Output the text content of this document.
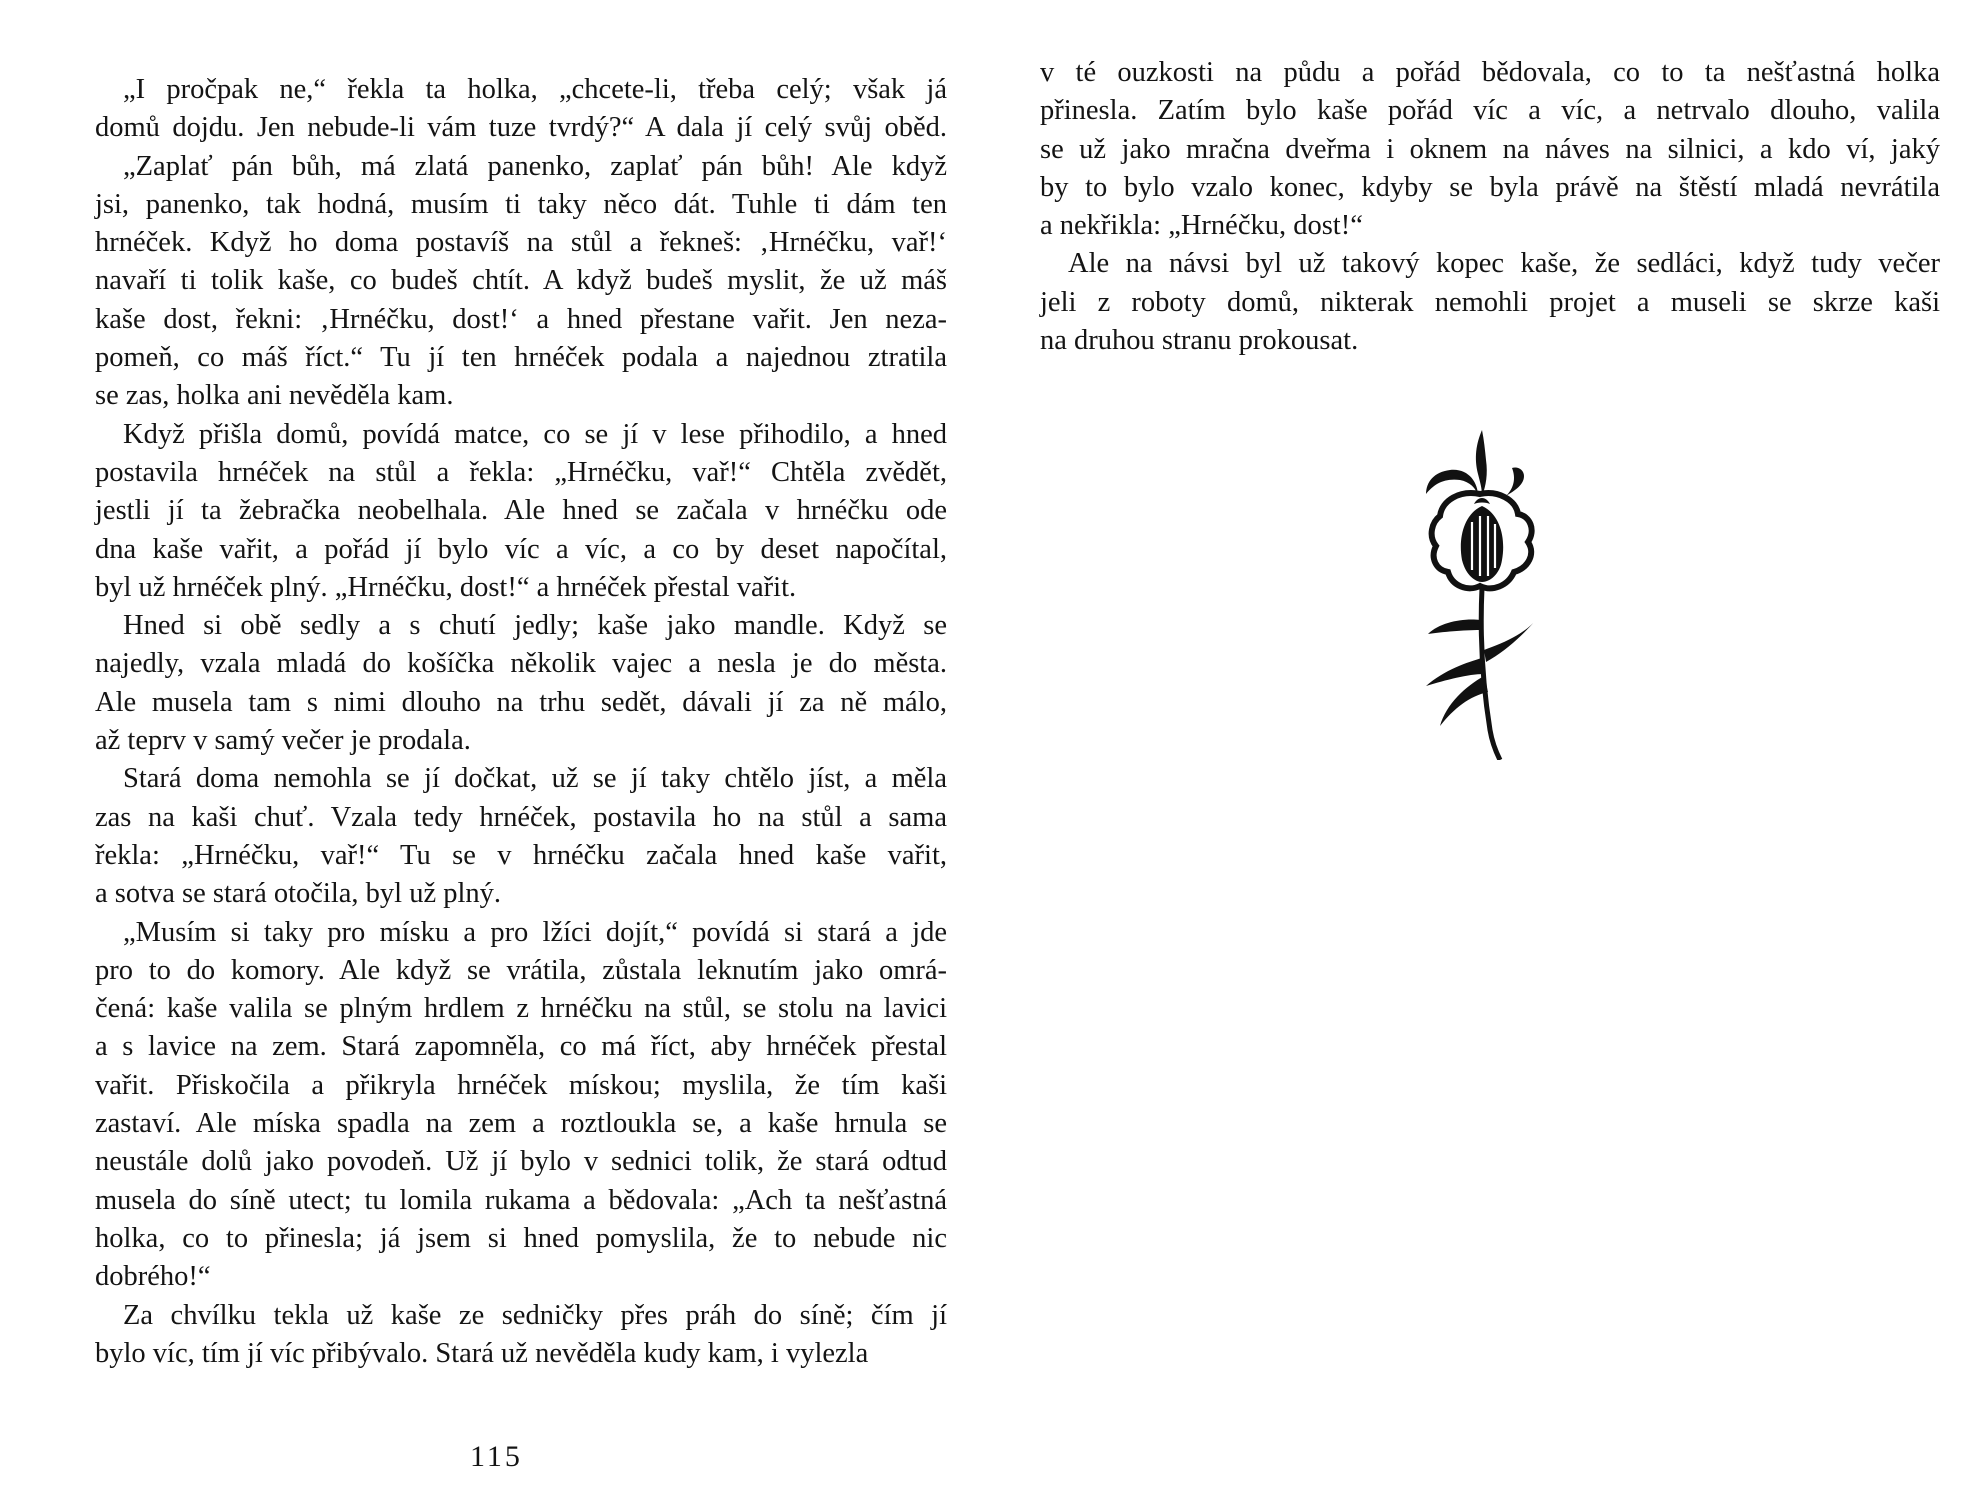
„I pročpak ne,“ řekla ta holka, „chcete-li, třeba celý; však já
domů dojdu. Jen nebude-li vám tuze tvrdý?“ A dala jí celý svůj oběd.
„Zaplať pán bůh, má zlatá panenko, zaplať pán bůh! Ale když
jsi, panenko, tak hodná, musím ti taky něco dát. Tuhle ti dám ten
hrnéček. Když ho doma postavíš na stůl a řekneš: ‚Hrnéčku, vař!‘
navaří ti tolik kaše, co budeš chtít. A když budeš myslit, že už máš
kaše dost, řekni: ‚Hrnéčku, dost!‘ a hned přestane vařit. Jen neza-
pomeň, co máš říct.“ Tu jí ten hrnéček podala a najednou ztratila
se zas, holka ani nevěděla kam.
Když přišla domů, povídá matce, co se jí v lese přihodilo, a hned
postavila hrnéček na stůl a řekla: „Hrnéčku, vař!“ Chtěla zvědět,
jestli jí ta žebračka neobelhala. Ale hned se začala v hrnéčku ode
dna kaše vařit, a pořád jí bylo víc a víc, a co by deset napočítal,
byl už hrnéček plný. „Hrnéčku, dost!“ a hrnéček přestal vařit.
Hned si obě sedly a s chutí jedly; kaše jako mandle. Když se
najedly, vzala mladá do košíčka několik vajec a nesla je do města.
Ale musela tam s nimi dlouho na trhu sedět, dávali jí za ně málo,
až teprv v samý večer je prodala.
Stará doma nemohla se jí dočkat, už se jí taky chtělo jíst, a měla
zas na kaši chuť. Vzala tedy hrnéček, postavila ho na stůl a sama
řekla: „Hrnéčku, vař!“ Tu se v hrnéčku začala hned kaše vařit,
a sotva se stará otočila, byl už plný.
„Musím si taky pro mísku a pro lžíci dojít,“ povídá si stará a jde
pro to do komory. Ale když se vrátila, zůstala leknutím jako omrá-
čená: kaše valila se plným hrdlem z hrnéčku na stůl, se stolu na lavici
a s lavice na zem. Stará zapomněla, co má říct, aby hrnéček přestal
vařit. Přiskočila a přikryla hrnéček mískou; myslila, že tím kaši
zastaví. Ale míska spadla na zem a roztloukla se, a kaše hrnula se
neustále dolů jako povodeň. Už jí bylo v sednici tolik, že stará odtud
musela do síně utect; tu lomila rukama a bědovala: „Ach ta nešťastná
holka, co to přinesla; já jsem si hned pomyslila, že to nebude nic
dobrého!“
Za chvílku tekla už kaše ze sedničky přes práh do síně; čím jí
bylo víc, tím jí víc přibývalo. Stará už nevěděla kudy kam, i vylezla
v té ouzkosti na půdu a pořád bědovala, co to ta nešťastná holka
přinesla. Zatím bylo kaše pořád víc a víc, a netrvalo dlouho, valila
se už jako mračna dveřma i oknem na náves na silnici, a kdo ví, jaký
by to bylo vzalo konec, kdyby se byla právě na štěstí mladá nevrátila
a nekřikla: „Hrnéčku, dost!“
Ale na návsi byl už takový kopec kaše, že sedláci, když tudy večer
jeli z roboty domů, nikterak nemohli projet a museli se skrze kaši
na druhou stranu prokousat.
115
